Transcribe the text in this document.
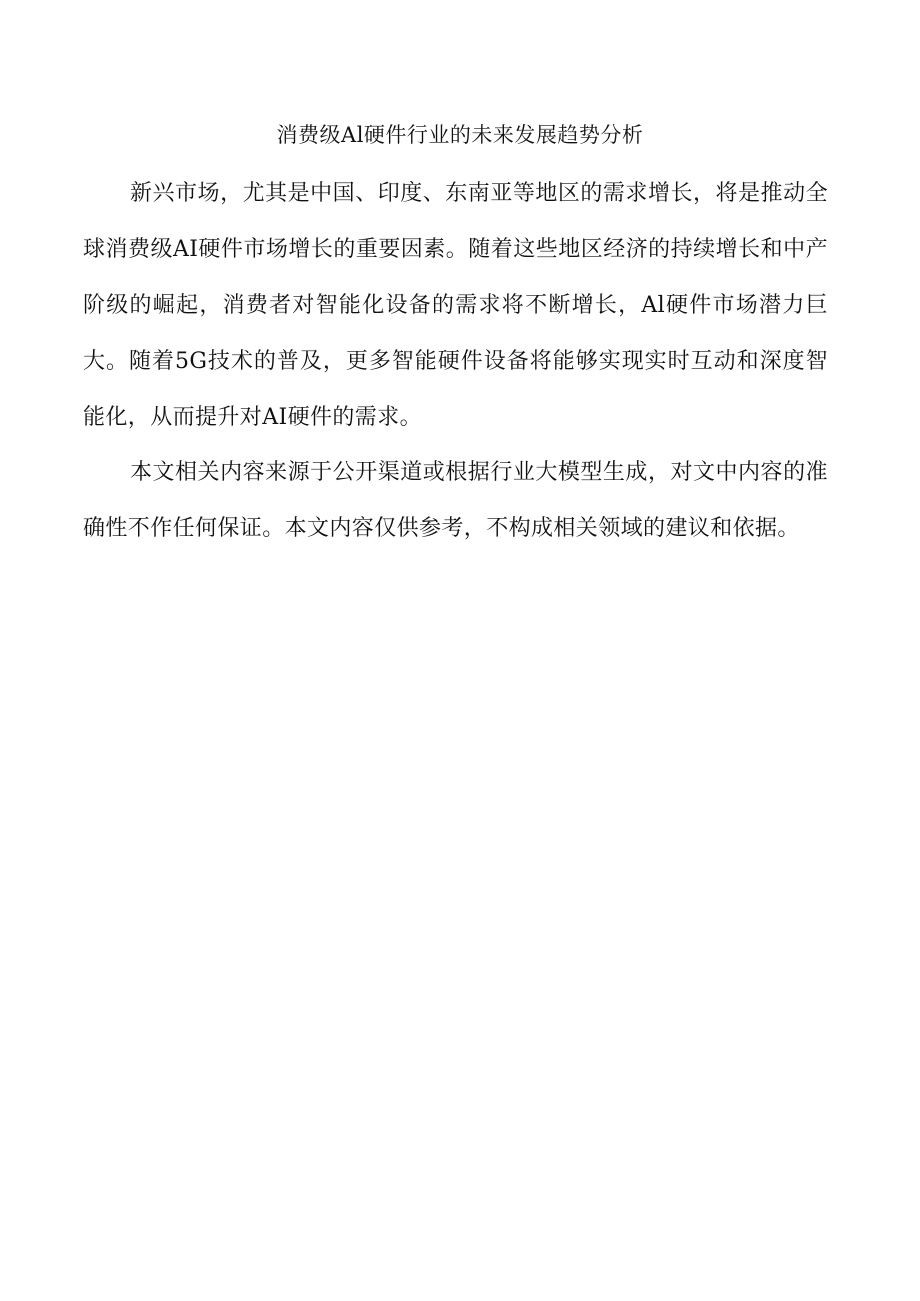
消费级Al硬件行业的未来发展趋势分析

新兴市场，尤其是中国、印度、东南亚等地区的需求增长，将是推动全球消费级AI硬件市场增长的重要因素。随着这些地区经济的持续增长和中产阶级的崛起，消费者对智能化设备的需求将不断增长，Al硬件市场潜力巨大。随着5G技术的普及，更多智能硬件设备将能够实现实时互动和深度智能化，从而提升对AI硬件的需求。

本文相关内容来源于公开渠道或根据行业大模型生成，对文中内容的准确性不作任何保证。本文内容仅供参考，不构成相关领域的建议和依据。
